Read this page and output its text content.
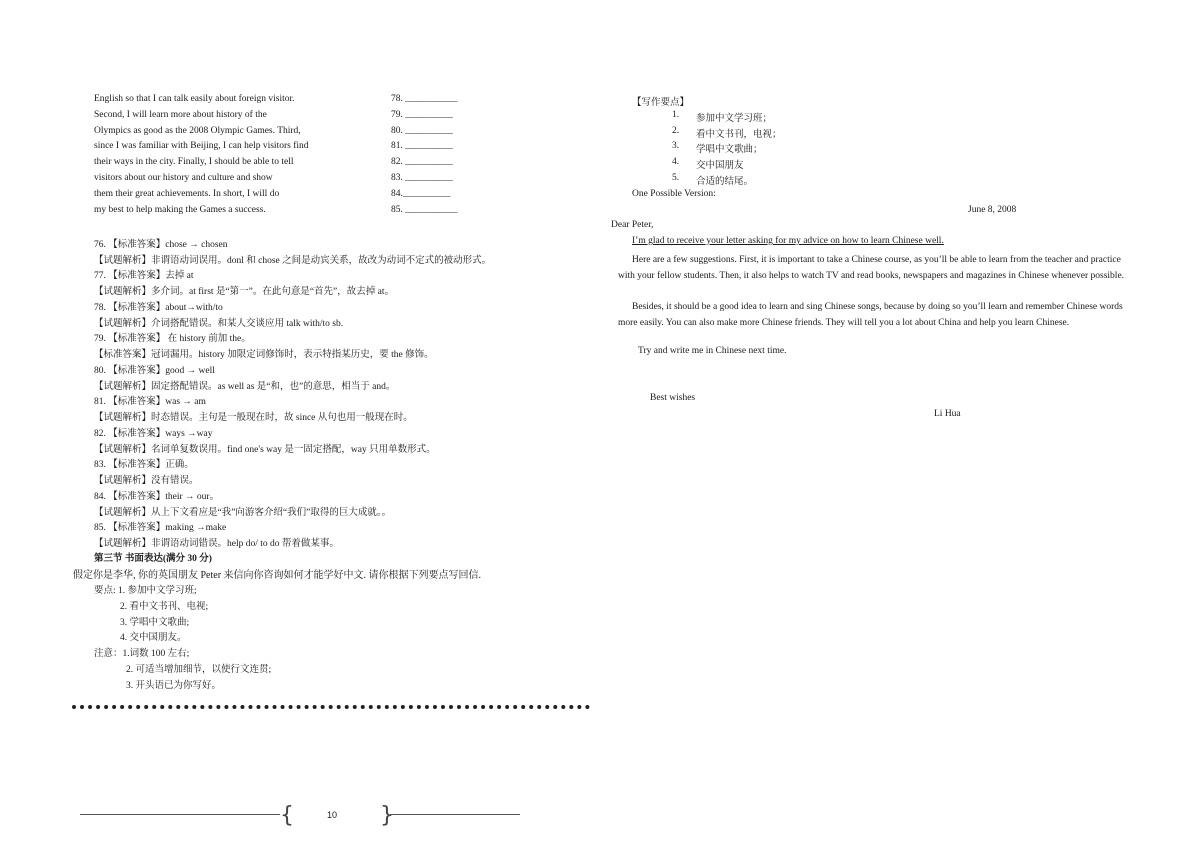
English so that I can talk easily about foreign visitor.	78. ___________
Second, I will learn more about history of the	79. __________
Olympics as good as the 2008 Olympic Games. Third,	80. __________
since I was familiar with Beijing, I can help visitors find	81. __________
their ways in the city. Finally, I should be able to tell	82. __________
visitors about our history and culture and show	83. __________
them their great achievements. In short, I will do	84.__________
my best to help making the Games a success.	85. ___________
76. 【标准答案】chose → chosen
【试题解析】非谓语动词误用。donl 和 chose 之间是动宾关系，故改为动词不定式的被动形式。
77. 【标准答案】去掉 at
【试题解析】多介词。at first 是“第一”。在此句意是“首先”，故去掉 at。
78. 【标准答案】about→with/to
【试题解析】介词搭配错误。和某人交谈应用 talk with/to sb.
79. 【标准答案】 在 history 前加 the。
【标准答案】冠词漏用。history 加限定词修饰时，表示特指某历史，要 the 修饰。
80. 【标准答案】good → well
【试题解析】固定搭配错误。as well as 是“和，也”的意思，相当于 and。
81. 【标准答案】was → am
【试题解析】时态错误。主句是一般现在时，故 since 从句也用一般现在时。
82. 【标准答案】ways →way
【试题解析】名词单复数误用。find one's way 是一固定搭配，way 只用单数形式。
83. 【标准答案】正确。
【试题解析】没有错误。
84. 【标准答案】their → our。
【试题解析】从上下文看应是“我”向游客介绍“我们”取得的巨大成就。。
85. 【标准答案】making →make
【试题解析】非谓语动词错误。help do/ to do 帮着做某事。
第三节 书面表达(满分 30 分)
假定你是李华, 你的英国朋友 Peter 来信向你咨询如何才能学好中文. 请你根据下列要点写回信.
要点: 1. 参加中文学习班;
2. 看中文书刊、电视;
3. 学唱中文歌曲;
4. 交中国朋友。
注意：1.词数 100 左右;
2. 可适当增加细节，以使行文连贯;
3. 开头语已为你写好。
{	10 }
【写作要点】
1. 参加中文学习班；
2. 看中文书刊，电视；
3. 学唱中文歌曲；
4. 交中国朋友
5. 合适的结尾。
One Possible Version:
June 8, 2008
Dear Peter,
I’m glad to receive your letter asking for my advice on how to learn Chinese well.
Here are a few suggestions. First, it is important to take a Chinese course, as you’ll be able to learn from the teacher and practice with your fellow students. Then, it also helps to watch TV and read books, newspapers and magazines in Chinese whenever possible.
Besides, it should be a good idea to learn and sing Chinese songs, because by doing so you’ll learn and remember Chinese words more easily. You can also make more Chinese friends. They will tell you a lot about China and help you learn Chinese.
Try and write me in Chinese next time.
Best wishes
Li Hua
